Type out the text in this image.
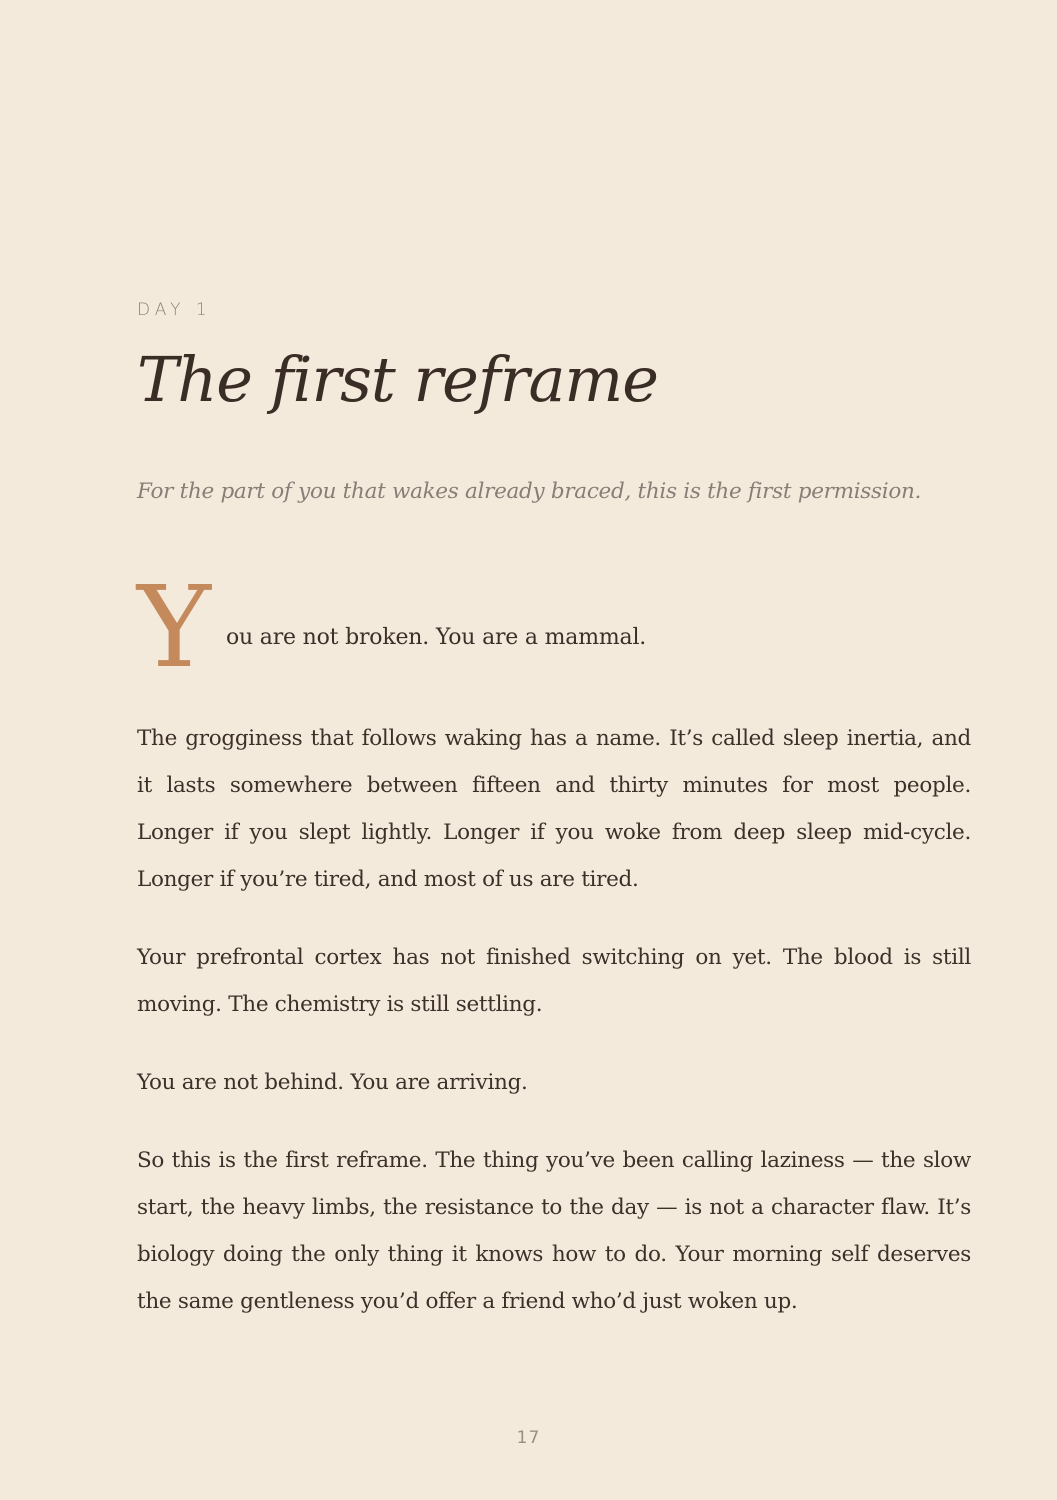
DAY 1
The first reframe

For the part of you that wakes already braced, this is the first permission.

Y ou are not broken. You are a mammal.

The grogginess that follows waking has a name. It’s called sleep inertia, and it lasts somewhere between fifteen and thirty minutes for most people. Longer if you slept lightly. Longer if you woke from deep sleep mid-cycle. Longer if you’re tired, and most of us are tired.

Your prefrontal cortex has not finished switching on yet. The blood is still moving. The chemistry is still settling.

You are not behind. You are arriving.

So this is the first reframe. The thing you’ve been calling laziness — the slow start, the heavy limbs, the resistance to the day — is not a character flaw. It’s biology doing the only thing it knows how to do. Your morning self deserves the same gentleness you’d offer a friend who’d just woken up.

17
